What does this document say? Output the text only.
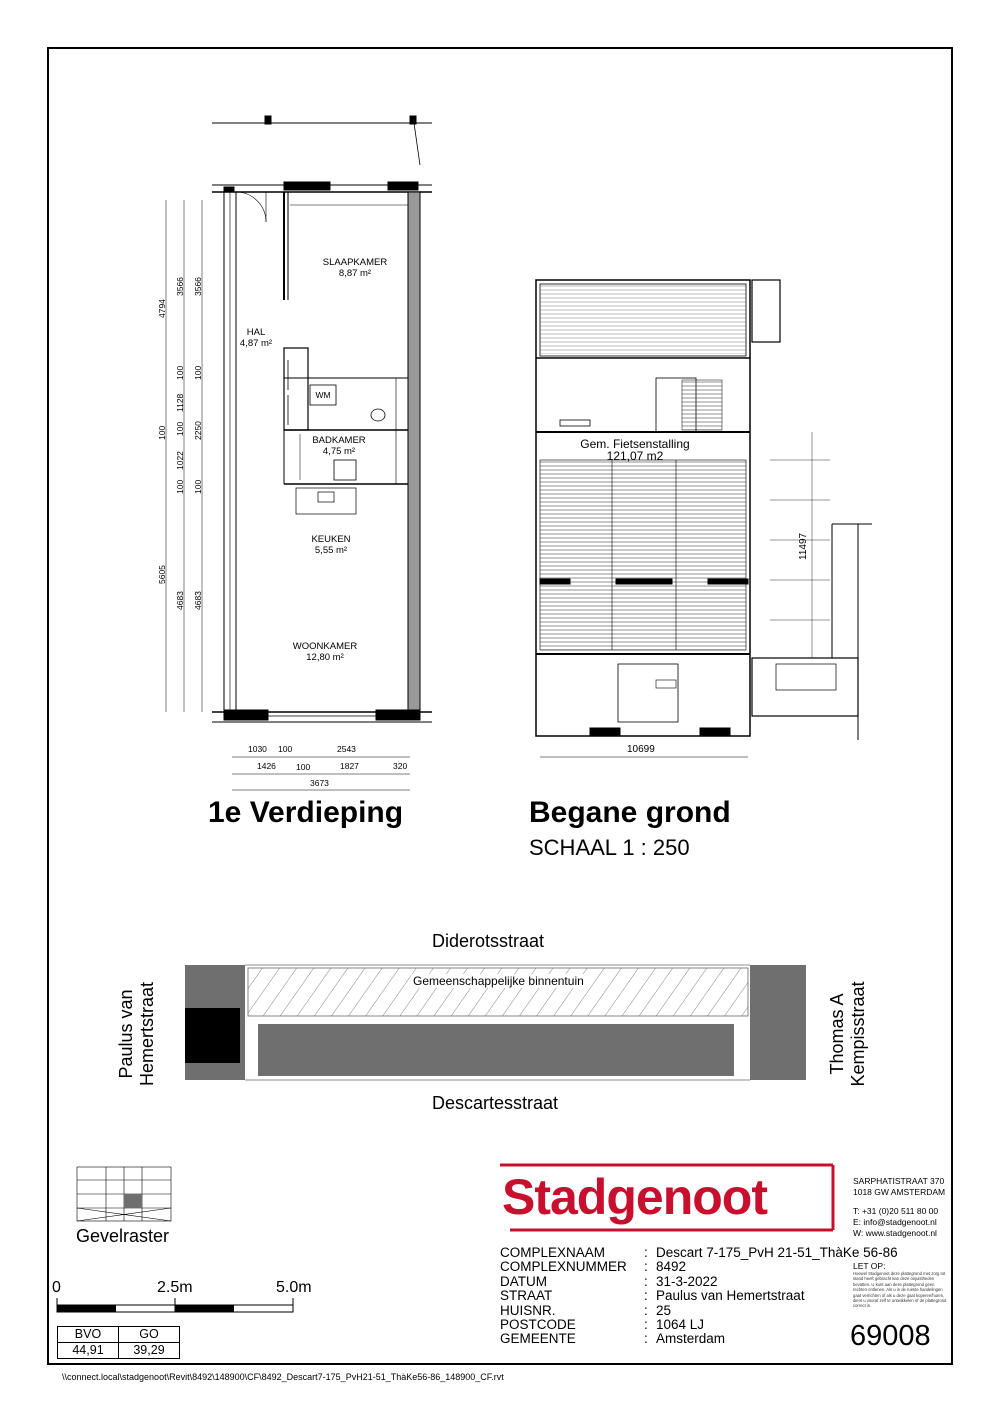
SLAAPKAMER
8,87 m²
HAL
4,87 m²
WM
BADKAMER
4,75 m²
KEUKEN
5,55 m²
WOONKAMER
12,80 m²
4794
100
5605
3566
100
1128
100
1022
100
4683
3566
100
2250
100
4683
1030 100	2543
1426 100	1827	320
3673
Gem. Fietsenstalling
121,07 m2
10699
11497
1e Verdieping	Begane grond
SCHAAL 1 : 250
Diderotsstraat
Descartesstraat
Gemeenschappelijke binnentuin
Paulus van Hemertstraat	Thomas A Kempisstraat
Gevelraster
0	2.5m	5.0m
BVO	GO
44,91	39,29
Stadgenoot	SARPHATISTRAAT 370
1018 GW AMSTERDAM
T: +31 (0)20 511 80 00
E: info@stadgenoot.nl
W: www.stadgenoot.nl
LET OP:
Hoewel Stadgenoot deze plattegrond met zorg tot stand heeft gebracht kan deze onjuistheden bevatten. U kunt aan deze plattegrond geen rechten ontlenen. Als u in de ruimte handelingen gaat verrichten of als u deze gaat koperen/huren, dient u vooraf zelf te ontwikkelen of de plattegrond correct is.
COMPLEXNAAM	: Descart 7-175_PvH 21-51_ThàKe 56-86
COMPLEXNUMMER	: 8492
DATUM	: 31-3-2022
STRAAT	: Paulus van Hemertstraat
HUISNR.	: 25
POSTCODE	: 1064 LJ
GEMEENTE	: Amsterdam	69008
\\connect.local\stadgenoot\Revit\8492\148900\CF\8492_Descart7-175_PvH21-51_ThàKe56-86_148900_CF.rvt
